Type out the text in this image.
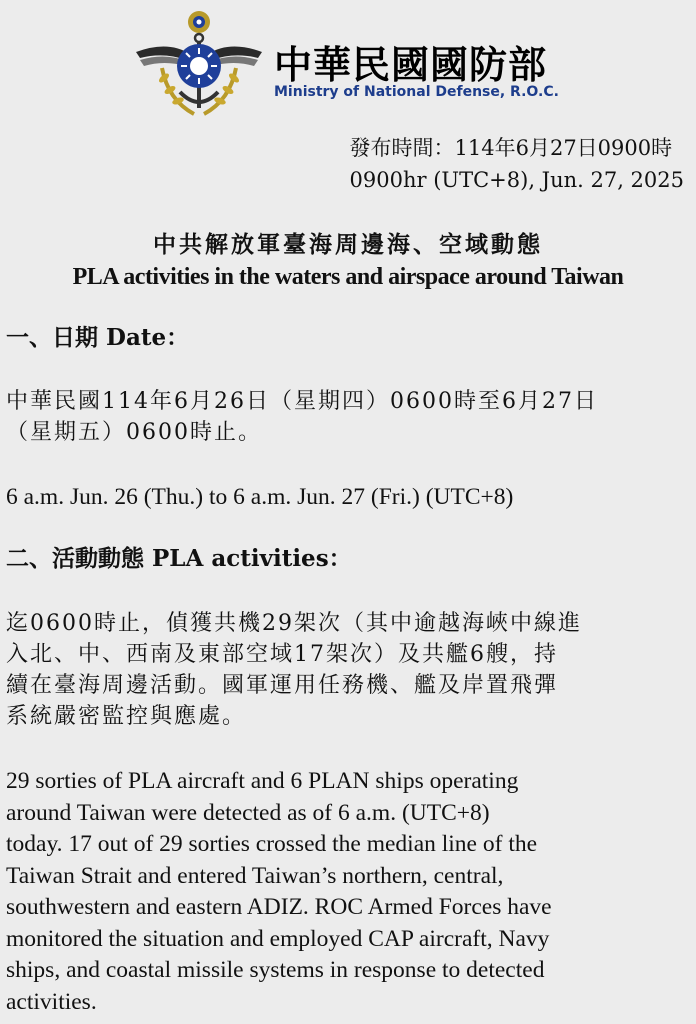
中華民國國防部
Ministry of National Defense, R.O.C.
發布時間：114年6月27日0900時
0900hr (UTC+8), Jun. 27, 2025
中共解放軍臺海周邊海、空域動態
PLA activities in the waters and airspace around Taiwan
一、日期 Date：
中華民國114年6月26日（星期四）0600時至6月27日
（星期五）0600時止。
6 a.m. Jun. 26 (Thu.) to 6 a.m. Jun. 27 (Fri.) (UTC+8)
二、活動動態 PLA activities：
迄0600時止，偵獲共機29架次（其中逾越海峽中線進
入北、中、西南及東部空域17架次）及共艦6艘，持
續在臺海周邊活動。國軍運用任務機、艦及岸置飛彈
系統嚴密監控與應處。
29 sorties of PLA aircraft and 6 PLAN ships operating
around Taiwan were detected as of 6 a.m. (UTC+8)
today. 17 out of 29 sorties crossed the median line of the
Taiwan Strait and entered Taiwan’s northern, central,
southwestern and eastern ADIZ. ROC Armed Forces have
monitored the situation and employed CAP aircraft, Navy
ships, and coastal missile systems in response to detected
activities.
